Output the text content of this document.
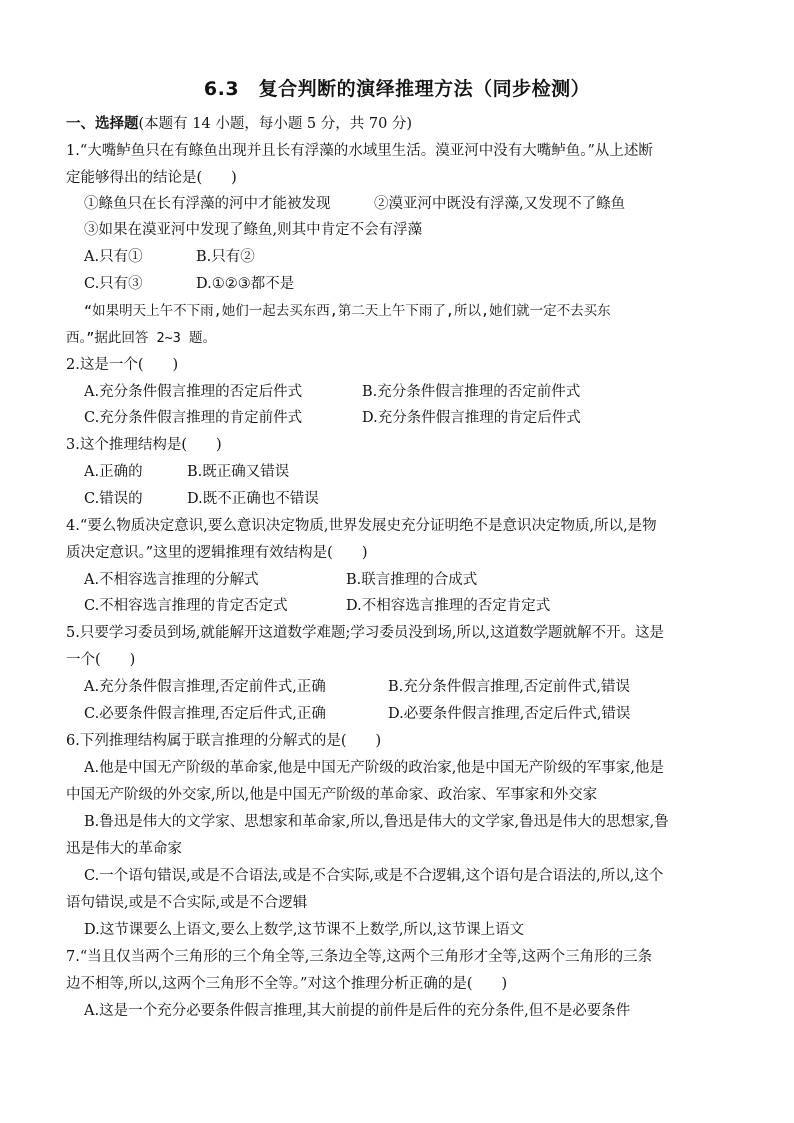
6.3　复合判断的演绎推理方法（同步检测）
一、选择题(本题有 14 小题，每小题 5 分，共 70 分)
1.“大嘴鲈鱼只在有鲦鱼出现并且长有浮藻的水域里生活。漠亚河中没有大嘴鲈鱼。”从上述断
定能够得出的结论是(　　)
①鲦鱼只在长有浮藻的河中才能被发现	②漠亚河中既没有浮藻,又发现不了鲦鱼
③如果在漠亚河中发现了鲦鱼,则其中肯定不会有浮藻
A.只有①	B.只有②
C.只有③	D.①②③都不是
“如果明天上午不下雨,她们一起去买东西,第二天上午下雨了,所以,她们就一定不去买东
西。”据此回答 2~3 题。
2.这是一个(　　)
A.充分条件假言推理的否定后件式	B.充分条件假言推理的否定前件式
C.充分条件假言推理的肯定前件式	D.充分条件假言推理的肯定后件式
3.这个推理结构是(　　)
A.正确的	B.既正确又错误
C.错误的	D.既不正确也不错误
4.“要么物质决定意识,要么意识决定物质,世界发展史充分证明绝不是意识决定物质,所以,是物
质决定意识。”这里的逻辑推理有效结构是(　　)
A.不相容选言推理的分解式	B.联言推理的合成式
C.不相容选言推理的肯定否定式	D.不相容选言推理的否定肯定式
5.只要学习委员到场,就能解开这道数学难题;学习委员没到场,所以,这道数学题就解不开。这是
一个(　　)
A.充分条件假言推理,否定前件式,正确	B.充分条件假言推理,否定前件式,错误
C.必要条件假言推理,否定后件式,正确	D.必要条件假言推理,否定后件式,错误
6.下列推理结构属于联言推理的分解式的是(　　)
A.他是中国无产阶级的革命家,他是中国无产阶级的政治家,他是中国无产阶级的军事家,他是
中国无产阶级的外交家,所以,他是中国无产阶级的革命家、政治家、军事家和外交家
B.鲁迅是伟大的文学家、思想家和革命家,所以,鲁迅是伟大的文学家,鲁迅是伟大的思想家,鲁
迅是伟大的革命家
C.一个语句错误,或是不合语法,或是不合实际,或是不合逻辑,这个语句是合语法的,所以,这个
语句错误,或是不合实际,或是不合逻辑
D.这节课要么上语文,要么上数学,这节课不上数学,所以,这节课上语文
7.“当且仅当两个三角形的三个角全等,三条边全等,这两个三角形才全等,这两个三角形的三条
边不相等,所以,这两个三角形不全等。”对这个推理分析正确的是(　　)
A.这是一个充分必要条件假言推理,其大前提的前件是后件的充分条件,但不是必要条件
